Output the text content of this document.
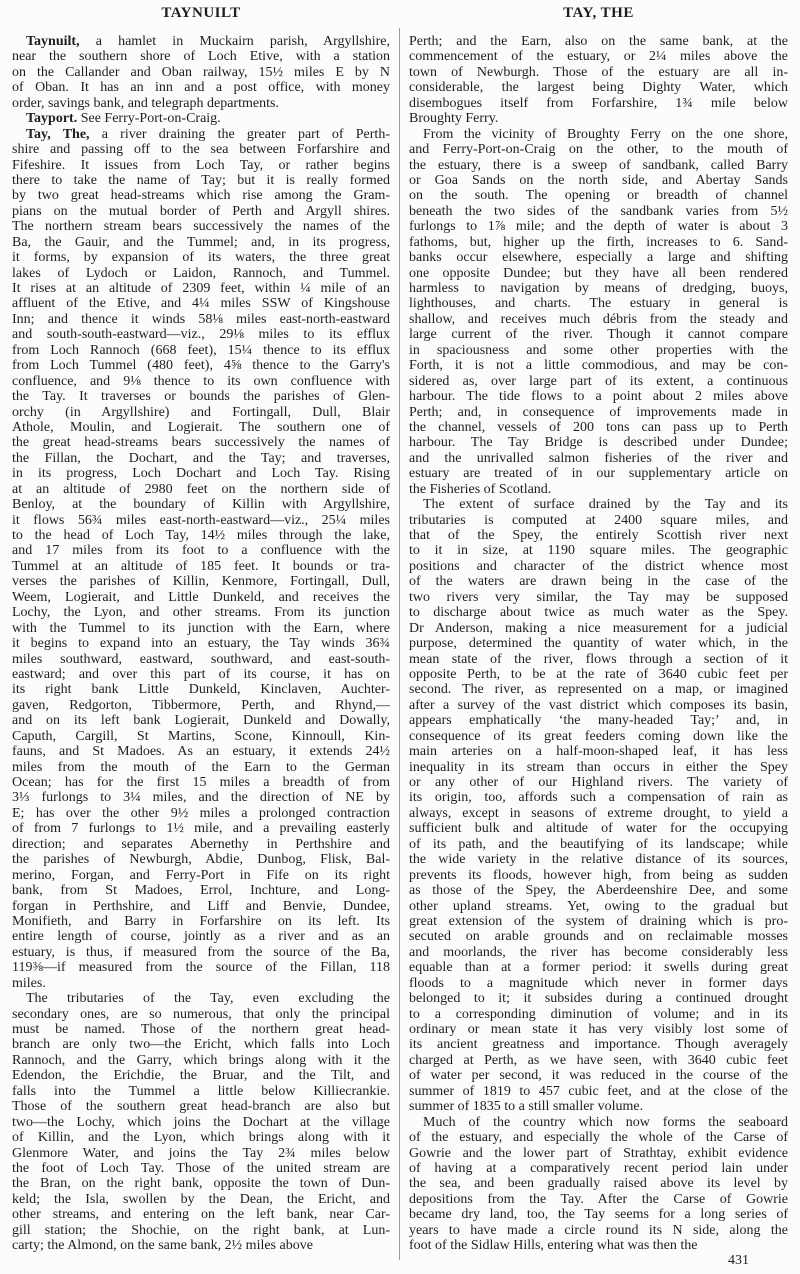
TAYNUILT	TAY, THE
Taynuilt, a hamlet in Muckairn parish, Argyllshire,
near the southern shore of Loch Etive, with a station
on the Callander and Oban railway, 15½ miles E by N
of Oban. It has an inn and a post office, with money
order, savings bank, and telegraph departments.
Tayport. See Ferry-Port-on-Craig.
Tay, The, a river draining the greater part of Perth-
shire and passing off to the sea between Forfarshire and
Fifeshire. It issues from Loch Tay, or rather begins
there to take the name of Tay; but it is really formed
by two great head-streams which rise among the Gram-
pians on the mutual border of Perth and Argyll shires.
The northern stream bears successively the names of the
Ba, the Gauir, and the Tummel; and, in its progress,
it forms, by expansion of its waters, the three great
lakes of Lydoch or Laidon, Rannoch, and Tummel.
It rises at an altitude of 2309 feet, within ¼ mile of an
affluent of the Etive, and 4¼ miles SSW of Kingshouse
Inn; and thence it winds 58⅛ miles east-north-eastward
and south-south-eastward—viz., 29⅛ miles to its efflux
from Loch Rannoch (668 feet), 15¼ thence to its efflux
from Loch Tummel (480 feet), 4⅝ thence to the Garry's
confluence, and 9⅛ thence to its own confluence with
the Tay. It traverses or bounds the parishes of Glen-
orchy (in Argyllshire) and Fortingall, Dull, Blair
Athole, Moulin, and Logierait. The southern one of
the great head-streams bears successively the names of
the Fillan, the Dochart, and the Tay; and traverses,
in its progress, Loch Dochart and Loch Tay. Rising
at an altitude of 2980 feet on the northern side of
Benloy, at the boundary of Killin with Argyllshire,
it flows 56¾ miles east-north-eastward—viz., 25¼ miles
to the head of Loch Tay, 14½ miles through the lake,
and 17 miles from its foot to a confluence with the
Tummel at an altitude of 185 feet. It bounds or tra-
verses the parishes of Killin, Kenmore, Fortingall, Dull,
Weem, Logierait, and Little Dunkeld, and receives the
Lochy, the Lyon, and other streams. From its junction
with the Tummel to its junction with the Earn, where
it begins to expand into an estuary, the Tay winds 36¾
miles southward, eastward, southward, and east-south-
eastward; and over this part of its course, it has on
its right bank Little Dunkeld, Kinclaven, Auchter-
gaven, Redgorton, Tibbermore, Perth, and Rhynd,—
and on its left bank Logierait, Dunkeld and Dowally,
Caputh, Cargill, St Martins, Scone, Kinnoull, Kin-
fauns, and St Madoes. As an estuary, it extends 24½
miles from the mouth of the Earn to the German
Ocean; has for the first 15 miles a breadth of from
3⅓ furlongs to 3¼ miles, and the direction of NE by
E; has over the other 9½ miles a prolonged contraction
of from 7 furlongs to 1½ mile, and a prevailing easterly
direction; and separates Abernethy in Perthshire and
the parishes of Newburgh, Abdie, Dunbog, Flisk, Bal-
merino, Forgan, and Ferry-Port in Fife on its right
bank, from St Madoes, Errol, Inchture, and Long-
forgan in Perthshire, and Liff and Benvie, Dundee,
Monifieth, and Barry in Forfarshire on its left. Its
entire length of course, jointly as a river and as an
estuary, is thus, if measured from the source of the Ba,
119⅜—if measured from the source of the Fillan, 118
miles.
The tributaries of the Tay, even excluding the
secondary ones, are so numerous, that only the principal
must be named. Those of the northern great head-
branch are only two—the Ericht, which falls into Loch
Rannoch, and the Garry, which brings along with it the
Edendon, the Erichdie, the Bruar, and the Tilt, and
falls into the Tummel a little below Killiecrankie.
Those of the southern great head-branch are also but
two—the Lochy, which joins the Dochart at the village
of Killin, and the Lyon, which brings along with it
Glenmore Water, and joins the Tay 2¾ miles below
the foot of Loch Tay. Those of the united stream are
the Bran, on the right bank, opposite the town of Dun-
keld; the Isla, swollen by the Dean, the Ericht, and
other streams, and entering on the left bank, near Car-
gill station; the Shochie, on the right bank, at Lun-
carty; the Almond, on the same bank, 2½ miles above
Perth; and the Earn, also on the same bank, at the
commencement of the estuary, or 2¼ miles above the
town of Newburgh. Those of the estuary are all in-
considerable, the largest being Dighty Water, which
disembogues itself from Forfarshire, 1¾ mile below
Broughty Ferry.
From the vicinity of Broughty Ferry on the one shore,
and Ferry-Port-on-Craig on the other, to the mouth of
the estuary, there is a sweep of sandbank, called Barry
or Goa Sands on the north side, and Abertay Sands
on the south. The opening or breadth of channel
beneath the two sides of the sandbank varies from 5½
furlongs to 1⅞ mile; and the depth of water is about 3
fathoms, but, higher up the firth, increases to 6. Sand-
banks occur elsewhere, especially a large and shifting
one opposite Dundee; but they have all been rendered
harmless to navigation by means of dredging, buoys,
lighthouses, and charts. The estuary in general is
shallow, and receives much débris from the steady and
large current of the river. Though it cannot compare
in spaciousness and some other properties with the
Forth, it is not a little commodious, and may be con-
sidered as, over large part of its extent, a continuous
harbour. The tide flows to a point about 2 miles above
Perth; and, in consequence of improvements made in
the channel, vessels of 200 tons can pass up to Perth
harbour. The Tay Bridge is described under Dundee;
and the unrivalled salmon fisheries of the river and
estuary are treated of in our supplementary article on
the Fisheries of Scotland.
The extent of surface drained by the Tay and its
tributaries is computed at 2400 square miles, and
that of the Spey, the entirely Scottish river next
to it in size, at 1190 square miles. The geographic
positions and character of the district whence most
of the waters are drawn being in the case of the
two rivers very similar, the Tay may be supposed
to discharge about twice as much water as the Spey.
Dr Anderson, making a nice measurement for a judicial
purpose, determined the quantity of water which, in the
mean state of the river, flows through a section of it
opposite Perth, to be at the rate of 3640 cubic feet per
second. The river, as represented on a map, or imagined
after a survey of the vast district which composes its basin,
appears emphatically ‘the many-headed Tay;’ and, in
consequence of its great feeders coming down like the
main arteries on a half-moon-shaped leaf, it has less
inequality in its stream than occurs in either the Spey
or any other of our Highland rivers. The variety of
its origin, too, affords such a compensation of rain as
always, except in seasons of extreme drought, to yield a
sufficient bulk and altitude of water for the occupying
of its path, and the beautifying of its landscape; while
the wide variety in the relative distance of its sources,
prevents its floods, however high, from being as sudden
as those of the Spey, the Aberdeenshire Dee, and some
other upland streams. Yet, owing to the gradual but
great extension of the system of draining which is pro-
secuted on arable grounds and on reclaimable mosses
and moorlands, the river has become considerably less
equable than at a former period: it swells during great
floods to a magnitude which never in former days
belonged to it; it subsides during a continued drought
to a corresponding diminution of volume; and in its
ordinary or mean state it has very visibly lost some of
its ancient greatness and importance. Though averagely
charged at Perth, as we have seen, with 3640 cubic feet
of water per second, it was reduced in the course of the
summer of 1819 to 457 cubic feet, and at the close of the
summer of 1835 to a still smaller volume.
Much of the country which now forms the seaboard
of the estuary, and especially the whole of the Carse of
Gowrie and the lower part of Strathtay, exhibit evidence
of having at a comparatively recent period lain under
the sea, and been gradually raised above its level by
depositions from the Tay. After the Carse of Gowrie
became dry land, too, the Tay seems for a long series of
years to have made a circle round its N side, along the
foot of the Sidlaw Hills, entering what was then the
431
